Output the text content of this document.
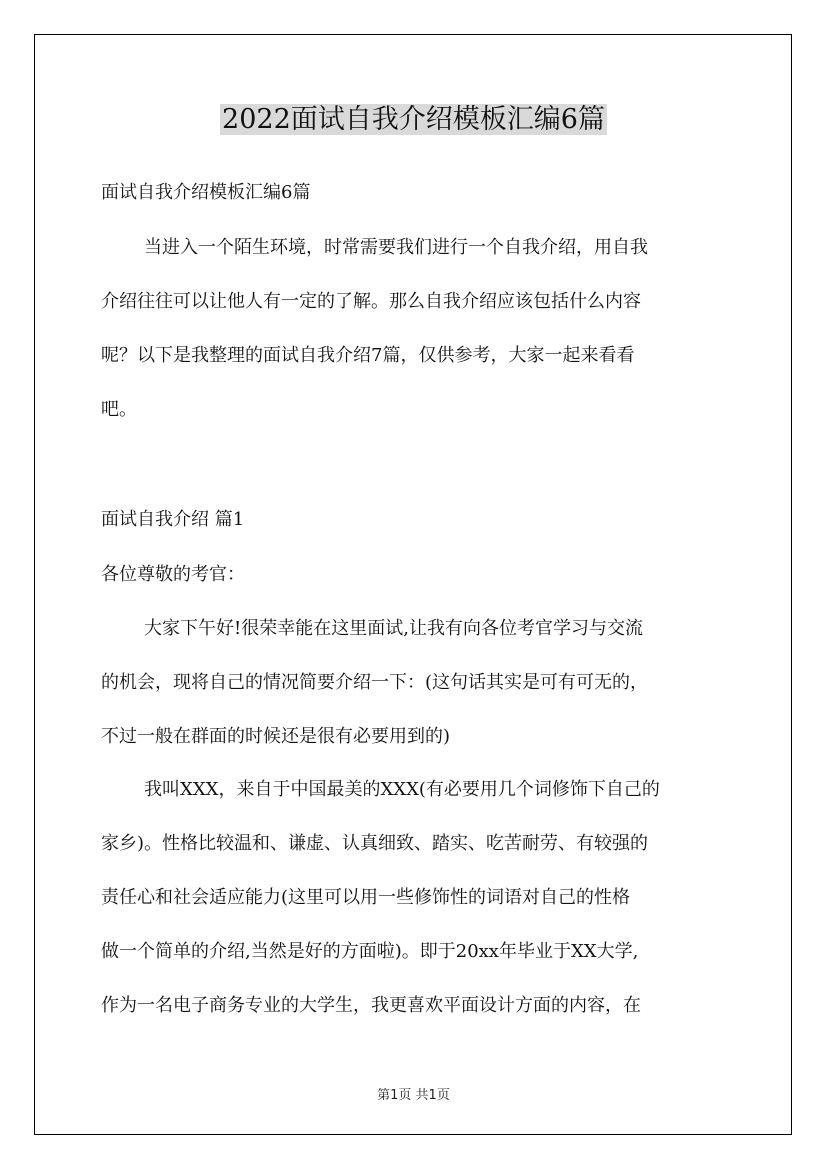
2022面试自我介绍模板汇编6篇
面试自我介绍模板汇编6篇
当进入一个陌生环境，时常需要我们进行一个自我介绍，用自我
介绍往往可以让他人有一定的了解。那么自我介绍应该包括什么内容
呢？以下是我整理的面试自我介绍7篇，仅供参考，大家一起来看看
吧。
面试自我介绍 篇1
各位尊敬的考官：
大家下午好!很荣幸能在这里面试,让我有向各位考官学习与交流
的机会，现将自己的情况简要介绍一下：(这句话其实是可有可无的，
不过一般在群面的时候还是很有必要用到的)
我叫XXX，来自于中国最美的XXX(有必要用几个词修饰下自己的
家乡)。性格比较温和、谦虚、认真细致、踏实、吃苦耐劳、有较强的
责任心和社会适应能力(这里可以用一些修饰性的词语对自己的性格
做一个简单的介绍,当然是好的方面啦)。即于20xx年毕业于XX大学,
作为一名电子商务专业的大学生，我更喜欢平面设计方面的内容，在
第1页 共1页
